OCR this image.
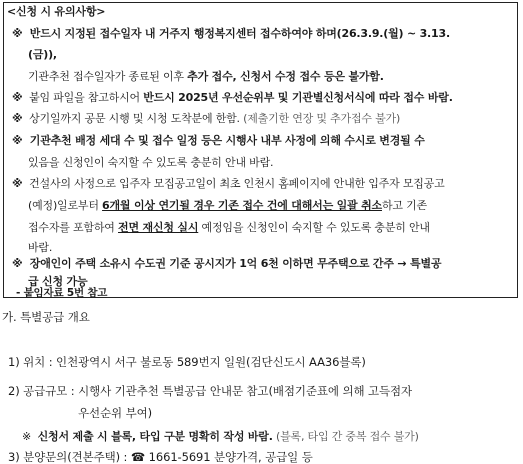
<신청 시 유의사항>
※ 반드시 지정된 접수일자 내 거주지 행정복지센터 접수하여야 하며(26.3.9.(월) ~ 3.13.
(금)),
기관추천 접수일자가 종료된 이후 추가 접수, 신청서 수정 접수 등은 불가함.
※ 붙임 파일을 참고하시어 반드시 2025년 우선순위부 및 기관별신청서식에 따라 접수 바람.
※ 상기일까지 공문 시행 및 시청 도착분에 한함. (제출기한 연장 및 추가접수 불가)
※ 기관추천 배정 세대 수 및 접수 일정 등은 시행사 내부 사정에 의해 수시로 변경될 수
있음을 신청인이 숙지할 수 있도록 충분히 안내 바람.
※ 건설사의 사정으로 입주자 모집공고일이 최초 인천시 홈페이지에 안내한 입주자 모집공고
(예정)일로부터 6개월 이상 연기될 경우 기존 접수 건에 대해서는 일괄 취소하고 기존
접수자를 포함하여 전면 재신청 실시 예정임을 신청인이 숙지할 수 있도록 충분히 안내
바람.
※ 장애인이 주택 소유시 수도권 기준 공시지가 1억 6천 이하면 무주택으로 간주 → 특별공
급 신청 가능
- 붙임자료 5번 참고
가. 특별공급 개요
1) 위치 : 인천광역시 서구 불로동 589번지 일원(검단신도시 AA36블록)
2) 공급규모 : 시행사 기관추천 특별공급 안내문 참고(배점기준표에 의해 고득점자
우선순위 부여)
※ 신청서 제출 시 블록, 타입 구분 명확히 작성 바람. (블록, 타입 간 중복 접수 불가)
3) 분양문의(견본주택) : ☎ 1661-5691 분양가격, 공급일 등
